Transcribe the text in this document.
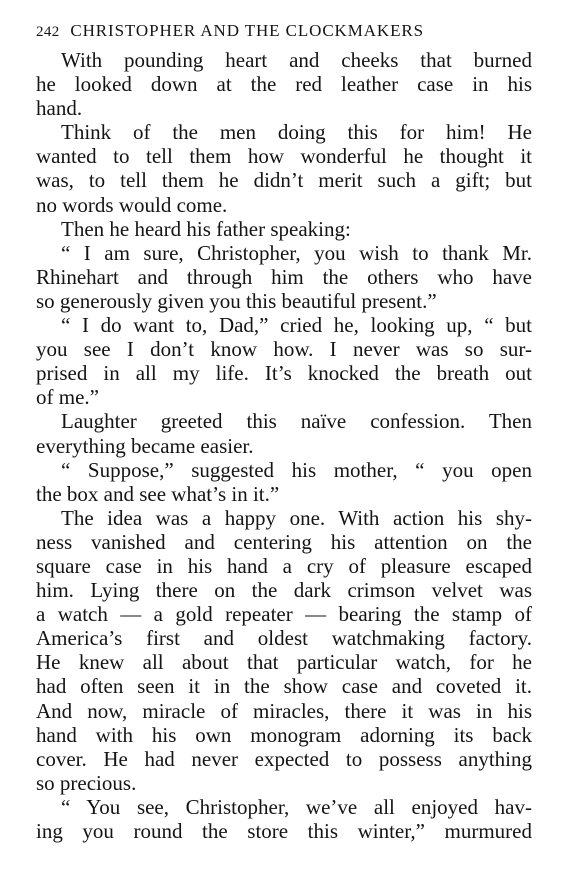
242 CHRISTOPHER AND THE CLOCKMAKERS
With pounding heart and cheeks that burned
he looked down at the red leather case in his
hand.
Think of the men doing this for him! He
wanted to tell them how wonderful he thought it
was, to tell them he didn’t merit such a gift; but
no words would come.
Then he heard his father speaking:
“ I am sure, Christopher, you wish to thank Mr.
Rhinehart and through him the others who have
so generously given you this beautiful present.”
“ I do want to, Dad,” cried he, looking up, “ but
you see I don’t know how. I never was so sur-
prised in all my life. It’s knocked the breath out
of me.”
Laughter greeted this naïve confession. Then
everything became easier.
“ Suppose,” suggested his mother, “ you open
the box and see what’s in it.”
The idea was a happy one. With action his shy-
ness vanished and centering his attention on the
square case in his hand a cry of pleasure escaped
him. Lying there on the dark crimson velvet was
a watch — a gold repeater — bearing the stamp of
America’s first and oldest watchmaking factory.
He knew all about that particular watch, for he
had often seen it in the show case and coveted it.
And now, miracle of miracles, there it was in his
hand with his own monogram adorning its back
cover. He had never expected to possess anything
so precious.
“ You see, Christopher, we’ve all enjoyed hav-
ing you round the store this winter,” murmured
